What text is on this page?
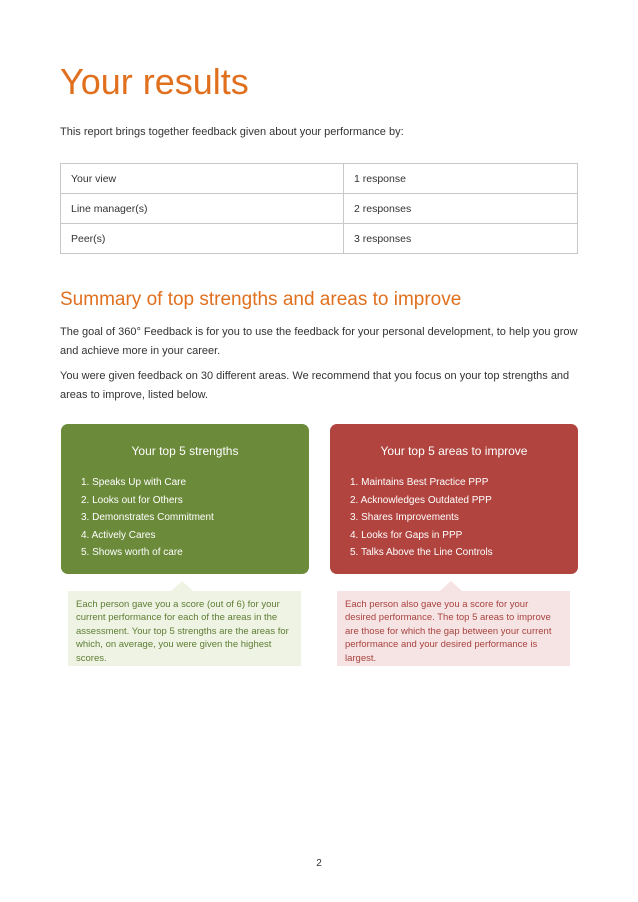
Your results

This report brings together feedback given about your performance by:

Your view	1 response
Line manager(s)	2 responses
Peer(s)	3 responses
Summary of top strengths and areas to improve

The goal of 360° Feedback is for you to use the feedback for your personal development, to help you grow and achieve more in your career.

You were given feedback on 30 different areas. We recommend that you focus on your top strengths and areas to improve, listed below.

Your top 5 strengths
1. Speaks Up with Care
2. Looks out for Others
3. Demonstrates Commitment
4. Actively Cares
5. Shows worth of care
Your top 5 areas to improve
1. Maintains Best Practice PPP
2. Acknowledges Outdated PPP
3. Shares Improvements
4. Looks for Gaps in PPP
5. Talks Above the Line Controls
Each person gave you a score (out of 6) for your current performance for each of the areas in the assessment. Your top 5 strengths are the areas for which, on average, you were given the highest scores.
Each person also gave you a score for your desired performance. The top 5 areas to improve are those for which the gap between your current performance and your desired performance is largest.
2
